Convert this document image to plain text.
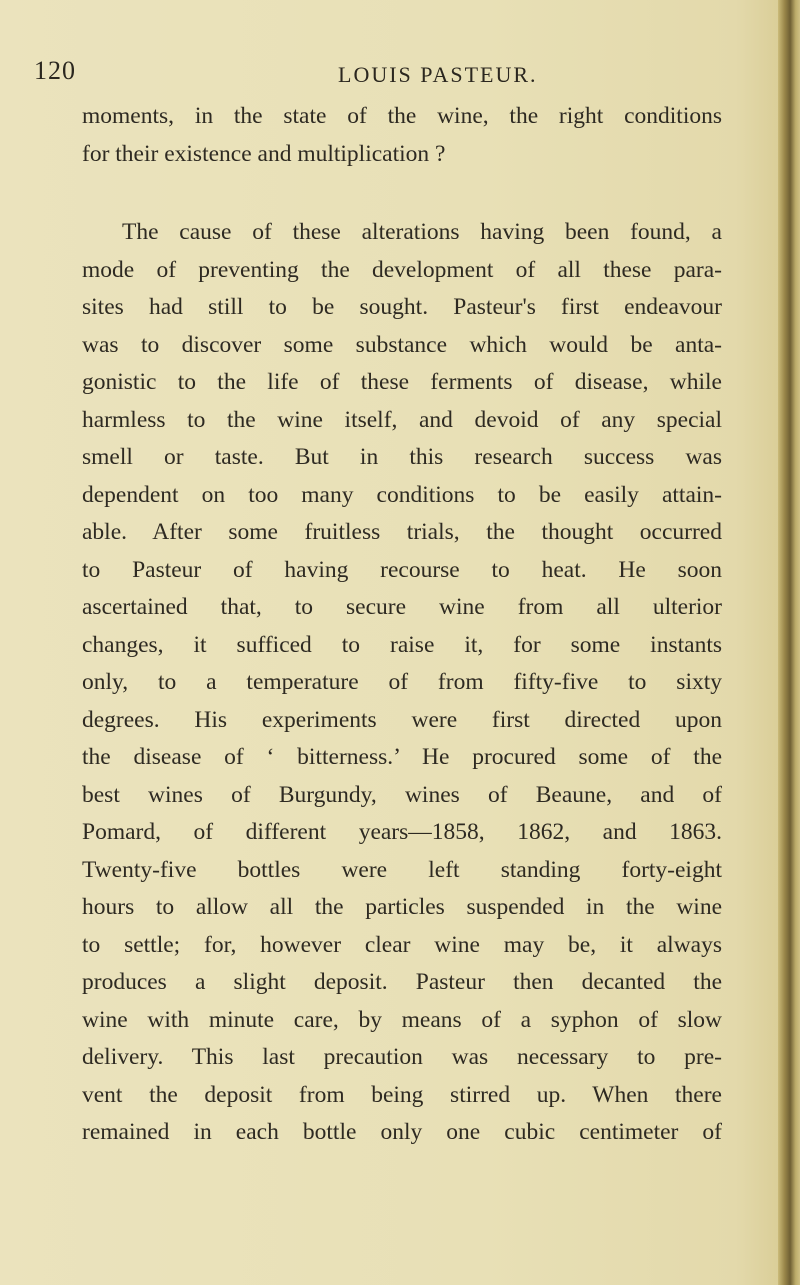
120	LOUIS PASTEUR.
moments, in the state of the wine, the right conditions
for their existence and multiplication ?
The cause of these alterations having been found, a
mode of preventing the development of all these para-
sites had still to be sought. Pasteur's first endeavour
was to discover some substance which would be anta-
gonistic to the life of these ferments of disease, while
harmless to the wine itself, and devoid of any special
smell or taste. But in this research success was
dependent on too many conditions to be easily attain-
able. After some fruitless trials, the thought occurred
to Pasteur of having recourse to heat. He soon
ascertained that, to secure wine from all ulterior
changes, it sufficed to raise it, for some instants
only, to a temperature of from fifty-five to sixty
degrees. His experiments were first directed upon
the disease of ‘ bitterness.’ He procured some of the
best wines of Burgundy, wines of Beaune, and of
Pomard, of different years—1858, 1862, and 1863.
Twenty-five bottles were left standing forty-eight
hours to allow all the particles suspended in the wine
to settle; for, however clear wine may be, it always
produces a slight deposit. Pasteur then decanted the
wine with minute care, by means of a syphon of slow
delivery. This last precaution was necessary to pre-
vent the deposit from being stirred up. When there
remained in each bottle only one cubic centimeter of
